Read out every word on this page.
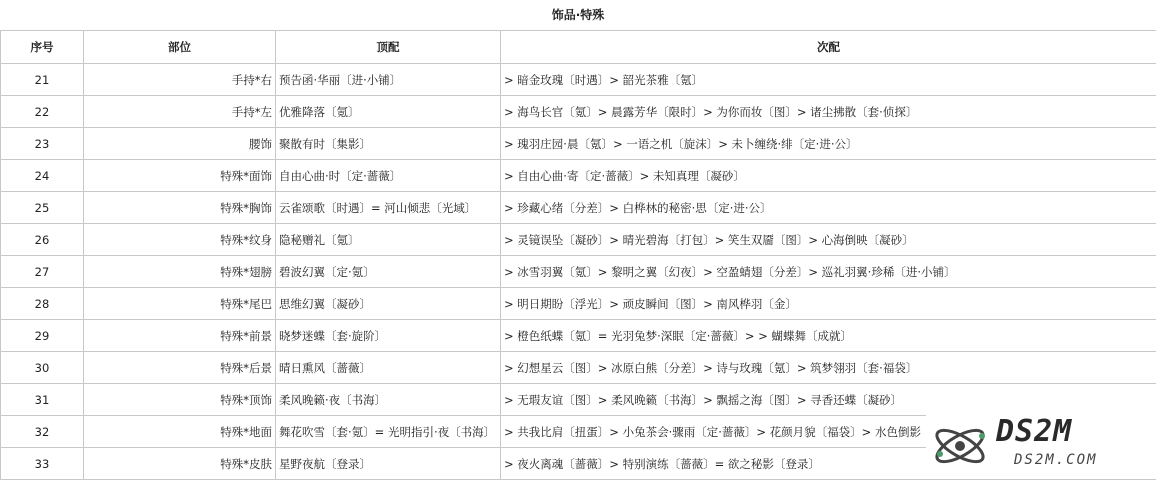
饰品·特殊
序号	部位	顶配	次配
21	手持*右	预告函·华丽〔进·小铺〕	> 暗金玫瑰〔时遇〕> 韶光茶雅〔氪〕
22	手持*左	优雅降落〔氪〕	> 海鸟长官〔氪〕> 晨露芳华〔限时〕> 为你而妆〔图〕> 诸尘拂散〔套·侦探〕
23	腰饰	聚散有时〔集影〕	> 瑰羽庄园·晨〔氪〕> 一语之机〔旋沫〕> 未卜缠绕·绯〔定·进·公〕
24	特殊*面饰	自由心曲·时〔定·蔷薇〕	> 自由心曲·寄〔定·蔷薇〕> 未知真理〔凝砂〕
25	特殊*胸饰	云雀颂歌〔时遇〕= 河山倾悲〔光域〕	> 珍藏心绪〔分差〕> 白桦林的秘密·思〔定·进·公〕
26	特殊*纹身	隐秘赠礼〔氪〕	> 灵镜误坠〔凝砂〕> 晴光碧海〔打包〕> 笑生双靥〔图〕> 心海倒映〔凝砂〕
27	特殊*翅膀	碧波幻翼〔定·氪〕	> 冰雪羽翼〔氪〕> 黎明之翼〔幻夜〕> 空盈蜻翅〔分差〕> 巡礼羽翼·珍稀〔进·小铺〕
28	特殊*尾巴	思维幻翼〔凝砂〕	> 明日期盼〔浮光〕> 顽皮瞬间〔图〕> 南风桦羽〔金〕
29	特殊*前景	晓梦迷蝶〔套·旋阶〕	> 橙色纸蝶〔氪〕= 光羽兔梦·深眠〔定·蔷薇〕> > 蝴蝶舞〔成就〕
30	特殊*后景	晴日熏风〔蔷薇〕	> 幻想星云〔图〕> 冰原白熊〔分差〕> 诗与玫瑰〔氪〕> 筑梦翎羽〔套·福袋〕
31	特殊*顶饰	柔风晚籁·夜〔书海〕	> 无瑕友谊〔图〕> 柔风晚籁〔书海〕> 飘摇之海〔图〕> 寻香还蝶〔凝砂〕
32	特殊*地面	舞花吹雪〔套·氪〕= 光明指引·夜〔书海〕	> 共我比肩〔扭蛋〕> 小兔茶会·骤雨〔定·蔷薇〕> 花颜月貌〔福袋〕> 水色倒影
33	特殊*皮肤	星野夜航〔登录〕	> 夜火离魂〔蔷薇〕> 特别演练〔蔷薇〕= 欲之秘影〔登录〕
DS2M
DS2M.COM
